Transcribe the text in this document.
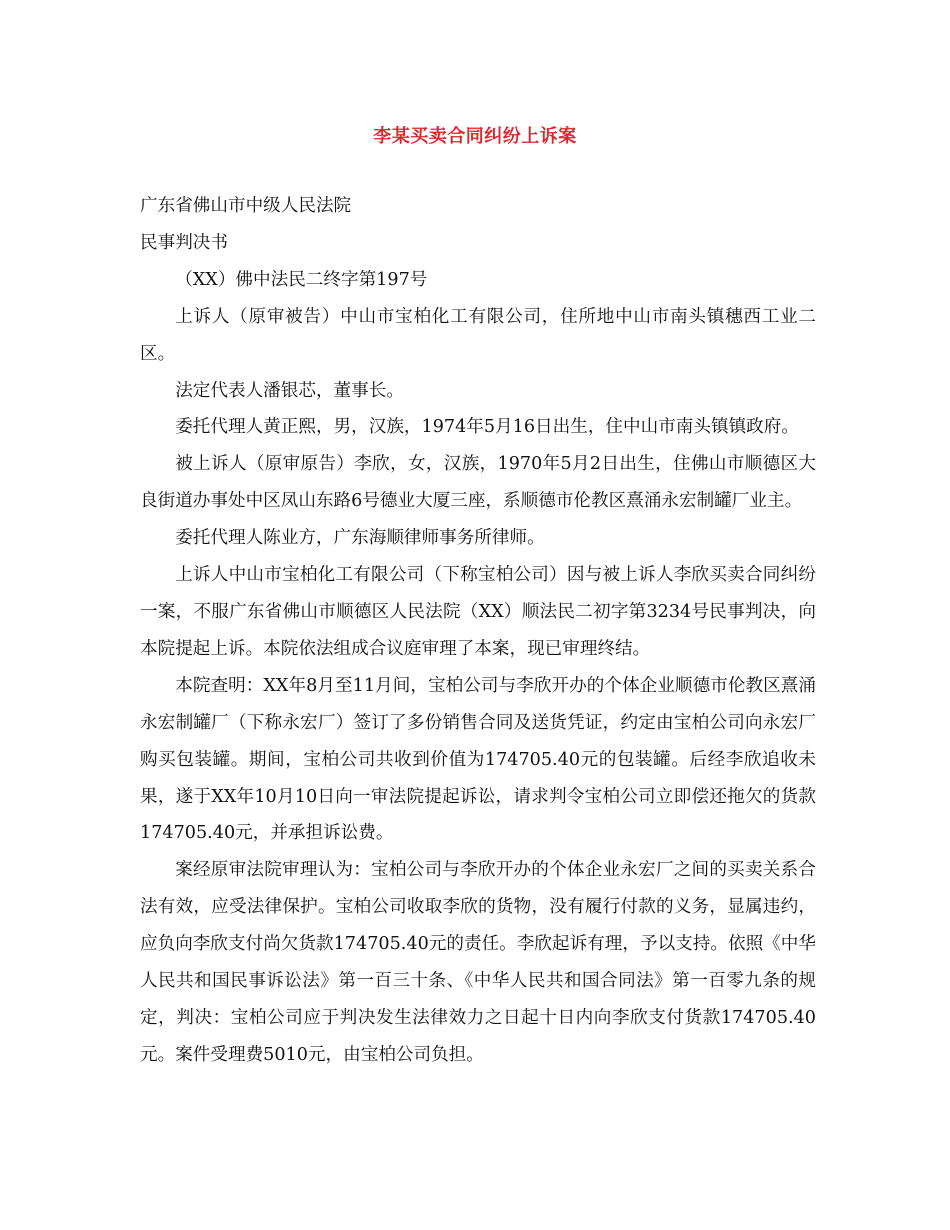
李某买卖合同纠纷上诉案

广东省佛山市中级人民法院

民事判决书

（XX）佛中法民二终字第197号

上诉人（原审被告）中山市宝柏化工有限公司，住所地中山市南头镇穗西工业二区。

法定代表人潘银芯，董事长。

委托代理人黄正熙，男，汉族，1974年5月16日出生，住中山市南头镇镇政府。

被上诉人（原审原告）李欣，女，汉族，1970年5月2日出生，住佛山市顺德区大良街道办事处中区凤山东路6号德业大厦三座，系顺德市伦教区熹涌永宏制罐厂业主。

委托代理人陈业方，广东海顺律师事务所律师。

上诉人中山市宝柏化工有限公司（下称宝柏公司）因与被上诉人李欣买卖合同纠纷一案，不服广东省佛山市顺德区人民法院（XX）顺法民二初字第3234号民事判决，向本院提起上诉。本院依法组成合议庭审理了本案，现已审理终结。

本院查明：XX年8月至11月间，宝柏公司与李欣开办的个体企业顺德市伦教区熹涌永宏制罐厂（下称永宏厂）签订了多份销售合同及送货凭证，约定由宝柏公司向永宏厂购买包装罐。期间，宝柏公司共收到价值为174705.40元的包装罐。后经李欣追收未果，遂于XX年10月10日向一审法院提起诉讼，请求判令宝柏公司立即偿还拖欠的货款174705.40元，并承担诉讼费。

案经原审法院审理认为：宝柏公司与李欣开办的个体企业永宏厂之间的买卖关系合法有效，应受法律保护。宝柏公司收取李欣的货物，没有履行付款的义务，显属违约，应负向李欣支付尚欠货款174705.40元的责任。李欣起诉有理，予以支持。依照《中华人民共和国民事诉讼法》第一百三十条、《中华人民共和国合同法》第一百零九条的规定，判决：宝柏公司应于判决发生法律效力之日起十日内向李欣支付货款174705.40元。案件受理费5010元，由宝柏公司负担。
